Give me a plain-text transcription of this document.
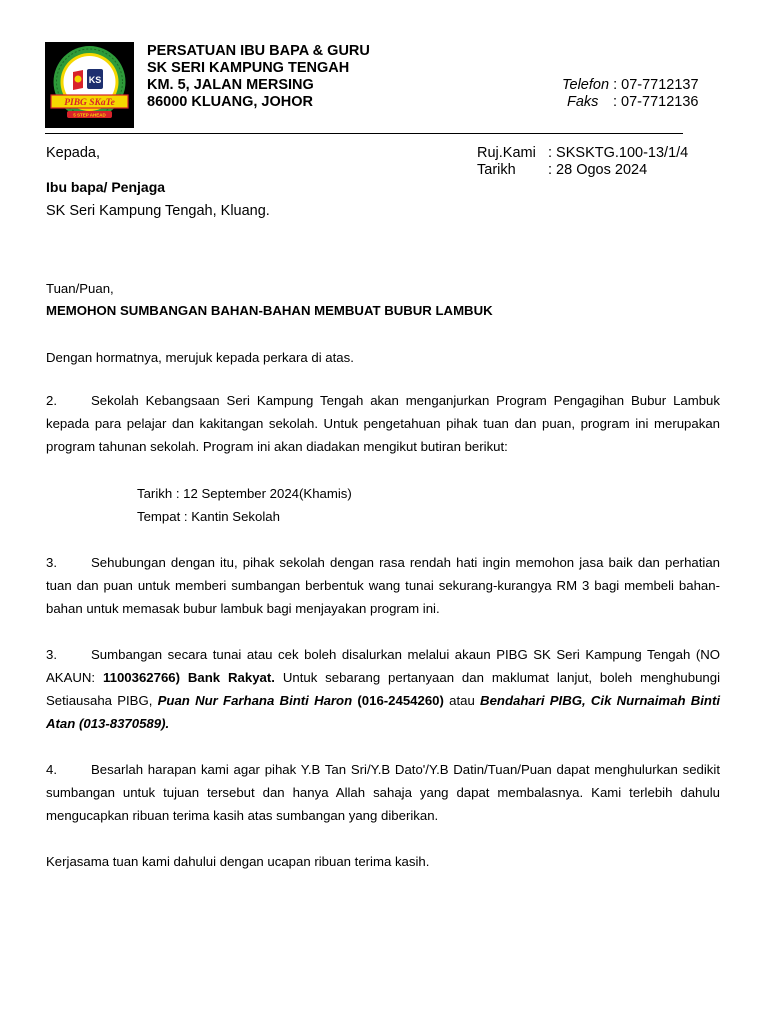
KS
PIBG SKaTe
5 STEP AHEAD
PERSATUAN IBU BAPA & GURU
SK SERI KAMPUNG TENGAH
KM. 5, JALAN MERSING
86000 KLUANG, JOHOR
Telefon : 07-7712137
Faks : 07-7712136
Kepada,	Ruj.Kami : SKSKTG.100-13/1/4
Tarikh : 28 Ogos 2024
Ibu bapa/ Penjaga
SK Seri Kampung Tengah, Kluang.
Tuan/Puan,
MEMOHON SUMBANGAN BAHAN-BAHAN MEMBUAT BUBUR LAMBUK
Dengan hormatnya, merujuk kepada perkara di atas.
2.	Sekolah Kebangsaan Seri Kampung Tengah akan menganjurkan Program Pengagihan Bubur Lambuk kepada para pelajar dan kakitangan sekolah. Untuk pengetahuan pihak tuan dan puan, program ini merupakan program tahunan sekolah. Program ini akan diadakan mengikut butiran berikut:
Tarikh : 12 September 2024(Khamis)
Tempat : Kantin Sekolah
3.	Sehubungan dengan itu, pihak sekolah dengan rasa rendah hati ingin memohon jasa baik dan perhatian tuan dan puan untuk memberi sumbangan berbentuk wang tunai sekurang-kurangya RM 3 bagi membeli bahan-bahan untuk memasak bubur lambuk bagi menjayakan program ini.
3.	Sumbangan secara tunai atau cek boleh disalurkan melalui akaun PIBG SK Seri Kampung Tengah (NO AKAUN: 1100362766) Bank Rakyat. Untuk sebarang pertanyaan dan maklumat lanjut, boleh menghubungi Setiausaha PIBG, Puan Nur Farhana Binti Haron (016-2454260) atau Bendahari PIBG, Cik Nurnaimah Binti Atan (013-8370589).
4.	Besarlah harapan kami agar pihak Y.B Tan Sri/Y.B Dato'/Y.B Datin/Tuan/Puan dapat menghulurkan sedikit sumbangan untuk tujuan tersebut dan hanya Allah sahaja yang dapat membalasnya. Kami terlebih dahulu mengucapkan ribuan terima kasih atas sumbangan yang diberikan.
Kerjasama tuan kami dahului dengan ucapan ribuan terima kasih.
